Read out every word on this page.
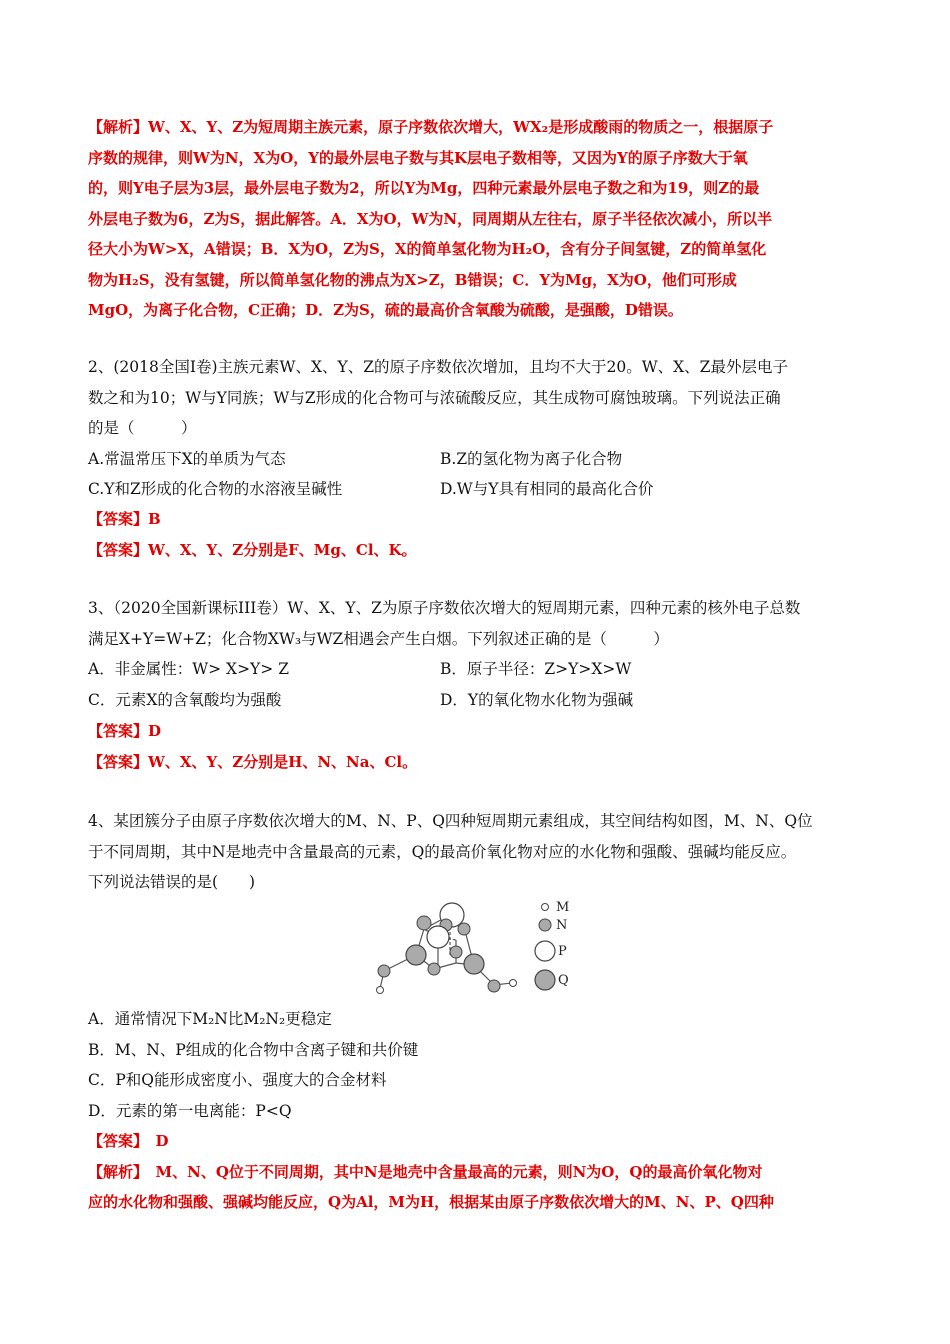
【解析】W、X、Y、Z为短周期主族元素，原子序数依次增大，WX₂是形成酸雨的物质之一，根据原子
序数的规律，则W为N，X为O，Y的最外层电子数与其K层电子数相等，又因为Y的原子序数大于氧
的，则Y电子层为3层，最外层电子数为2，所以Y为Mg，四种元素最外层电子数之和为19，则Z的最
外层电子数为6，Z为S，据此解答。A．X为O，W为N，同周期从左往右，原子半径依次减小，所以半
径大小为W>X，A错误；B．X为O，Z为S，X的简单氢化物为H₂O，含有分子间氢键，Z的简单氢化
物为H₂S，没有氢键，所以简单氢化物的沸点为X>Z，B错误；C．Y为Mg，X为O，他们可形成
MgO，为离子化合物，C正确；D．Z为S，硫的最高价含氧酸为硫酸，是强酸，D错误。
2、(2018全国Ⅰ卷)主族元素W、X、Y、Z的原子序数依次增加，且均不大于20。W、X、Z最外层电子
数之和为10；W与Y同族；W与Z形成的化合物可与浓硫酸反应，其生成物可腐蚀玻璃。下列说法正确
的是（　　　）
A.常温常压下X的单质为气态	B.Z的氢化物为离子化合物
C.Y和Z形成的化合物的水溶液呈碱性	D.W与Y具有相同的最高化合价
【答案】B
【答案】W、X、Y、Z分别是F、Mg、Cl、K。
3、（2020全国新课标III卷）W、X、Y、Z为原子序数依次增大的短周期元素，四种元素的核外电子总数
满足X+Y=W+Z；化合物XW₃与WZ相遇会产生白烟。下列叙述正确的是（　　　）
A．非金属性：W> X>Y> Z	B．原子半径：Z>Y>X>W
C．元素X的含氧酸均为强酸	D．Y的氧化物水化物为强碱
【答案】D
【答案】W、X、Y、Z分别是H、N、Na、Cl。
4、某团簇分子由原子序数依次增大的M、N、P、Q四种短周期元素组成，其空间结构如图，M、N、Q位
于不同周期，其中N是地壳中含量最高的元素，Q的最高价氧化物对应的水化物和强酸、强碱均能反应。
下列说法错误的是(　　)
M
N
P
Q
A．通常情况下M₂N比M₂N₂更稳定
B．M、N、P组成的化合物中含离子键和共价键
C．P和Q能形成密度小、强度大的合金材料
D．元素的第一电离能：P<Q
【答案】　D
【解析】　M、N、Q位于不同周期，其中N是地壳中含量最高的元素，则N为O，Q的最高价氧化物对
应的水化物和强酸、强碱均能反应，Q为Al，M为H，根据某由原子序数依次增大的M、N、P、Q四种
